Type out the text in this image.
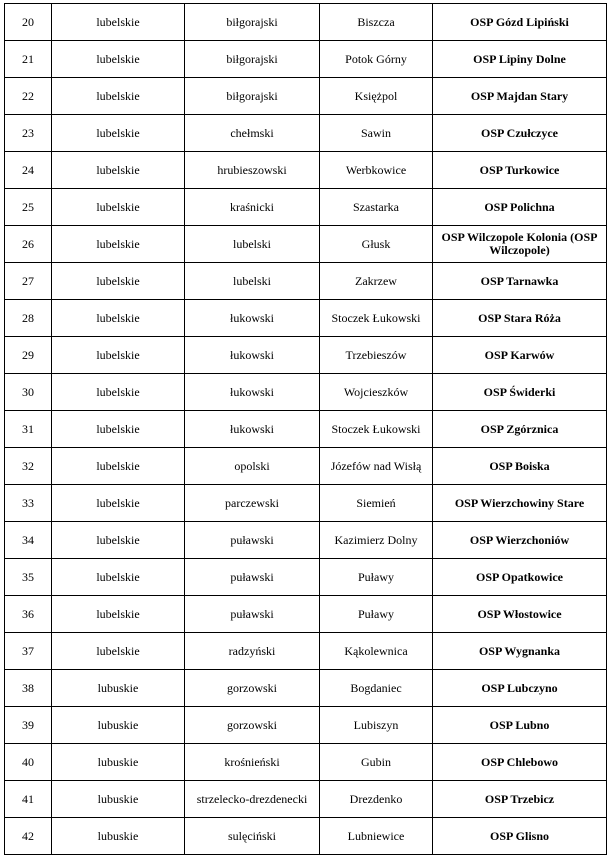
20	lubelskie	biłgorajski	Biszcza	OSP Gózd Lipiński
21	lubelskie	biłgorajski	Potok Górny	OSP Lipiny Dolne
22	lubelskie	biłgorajski	Księżpol	OSP Majdan Stary
23	lubelskie	chełmski	Sawin	OSP Czułczyce
24	lubelskie	hrubieszowski	Werbkowice	OSP Turkowice
25	lubelskie	kraśnicki	Szastarka	OSP Polichna
26	lubelskie	lubelski	Głusk	OSP Wilczopole Kolonia (OSP Wilczopole)
27	lubelskie	lubelski	Zakrzew	OSP Tarnawka
28	lubelskie	łukowski	Stoczek Łukowski	OSP Stara Róża
29	lubelskie	łukowski	Trzebieszów	OSP Karwów
30	lubelskie	łukowski	Wojcieszków	OSP Świderki
31	lubelskie	łukowski	Stoczek Łukowski	OSP Zgórznica
32	lubelskie	opolski	Józefów nad Wisłą	OSP Boiska
33	lubelskie	parczewski	Siemień	OSP Wierzchowiny Stare
34	lubelskie	puławski	Kazimierz Dolny	OSP Wierzchoniów
35	lubelskie	puławski	Puławy	OSP Opatkowice
36	lubelskie	puławski	Puławy	OSP Włostowice
37	lubelskie	radzyński	Kąkolewnica	OSP Wygnanka
38	lubuskie	gorzowski	Bogdaniec	OSP Lubczyno
39	lubuskie	gorzowski	Lubiszyn	OSP Lubno
40	lubuskie	krośnieński	Gubin	OSP Chlebowo
41	lubuskie	strzelecko-drezdenecki	Drezdenko	OSP Trzebicz
42	lubuskie	sulęciński	Lubniewice	OSP Glisno
